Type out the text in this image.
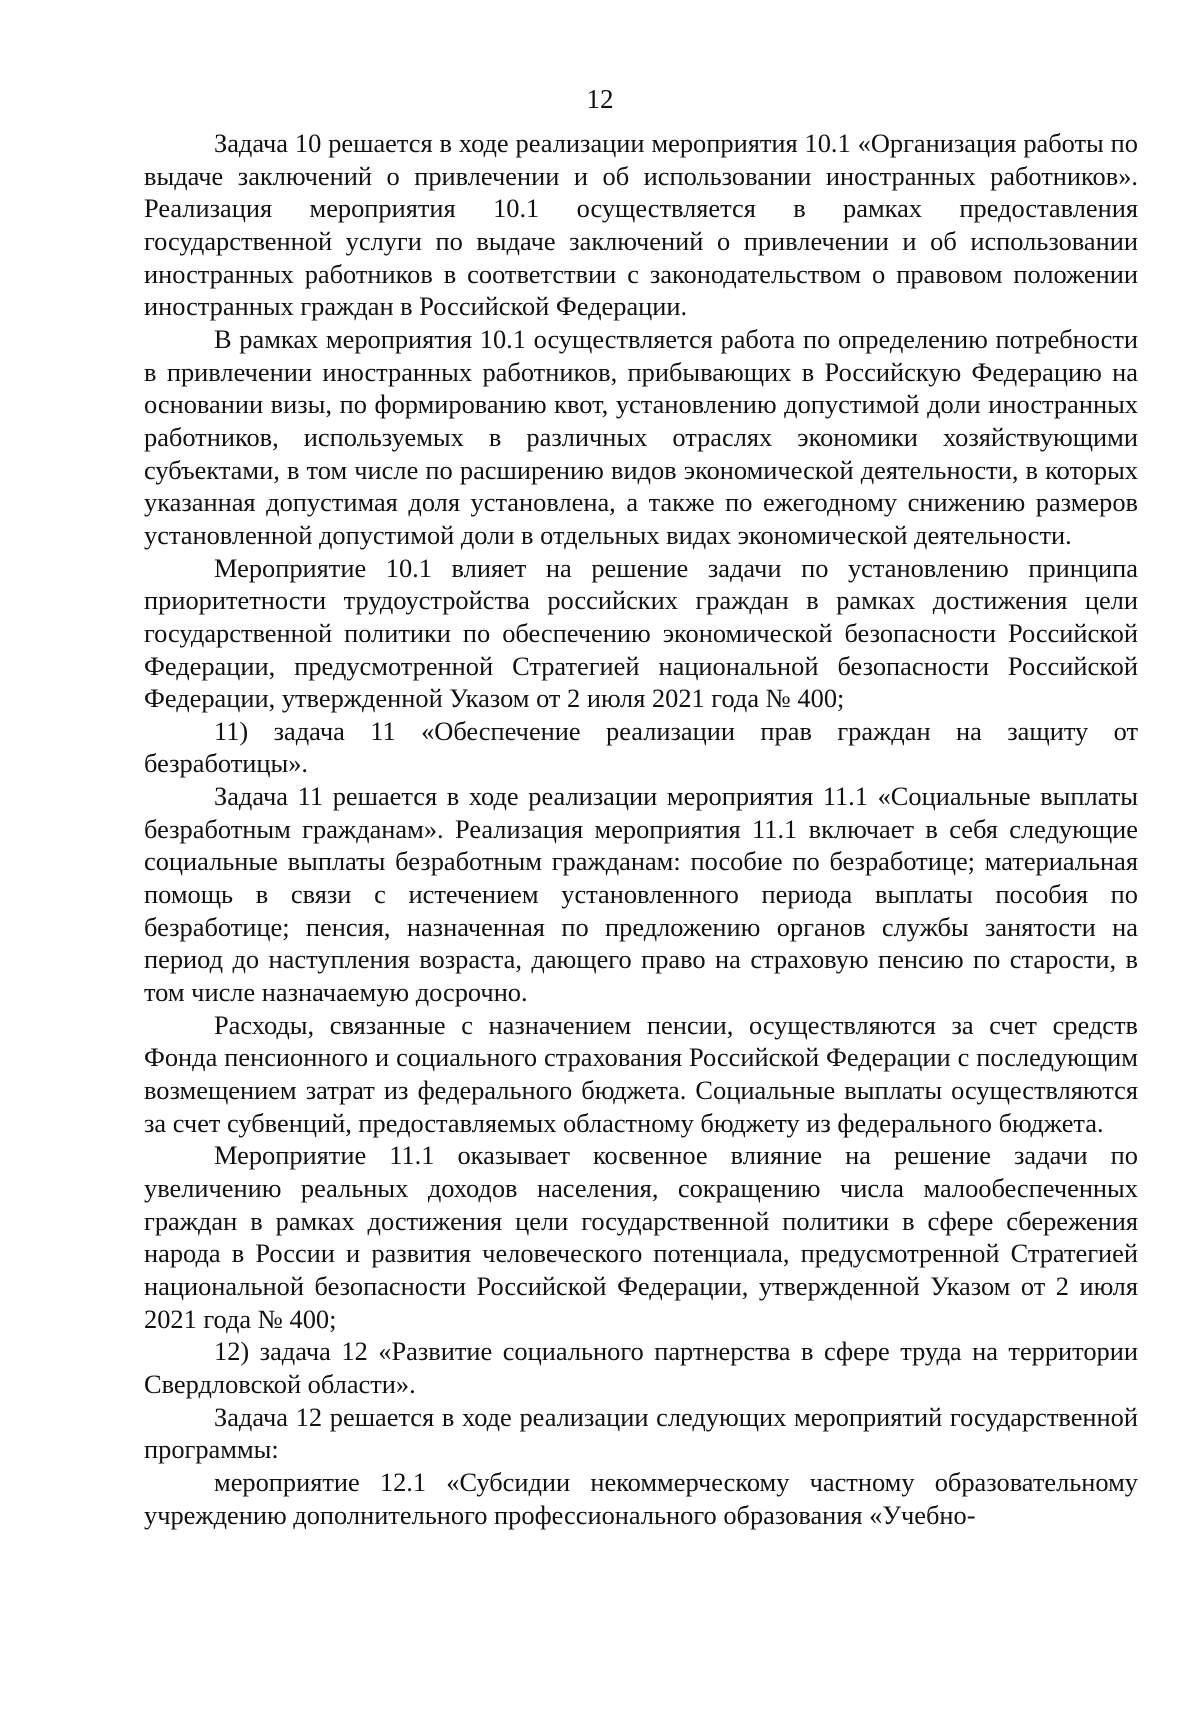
12

Задача 10 решается в ходе реализации мероприятия 10.1 «Организация работы по выдаче заключений о привлечении и об использовании иностранных работников». Реализация мероприятия 10.1 осуществляется в рамках предоставления государственной услуги по выдаче заключений о привлечении и об использовании иностранных работников в соответствии с законодательством о правовом положении иностранных граждан в Российской Федерации.

В рамках мероприятия 10.1 осуществляется работа по определению потребности в привлечении иностранных работников, прибывающих в Российскую Федерацию на основании визы, по формированию квот, установлению допустимой доли иностранных работников, используемых в различных отраслях экономики хозяйствующими субъектами, в том числе по расширению видов экономической деятельности, в которых указанная допустимая доля установлена, а также по ежегодному снижению размеров установленной допустимой доли в отдельных видах экономической деятельности.

Мероприятие 10.1 влияет на решение задачи по установлению принципа приоритетности трудоустройства российских граждан в рамках достижения цели государственной политики по обеспечению экономической безопасности Российской Федерации, предусмотренной Стратегией национальной безопасности Российской Федерации, утвержденной Указом от 2 июля 2021 года № 400;

11) задача 11 «Обеспечение реализации прав граждан на защиту от безработицы».

Задача 11 решается в ходе реализации мероприятия 11.1 «Социальные выплаты безработным гражданам». Реализация мероприятия 11.1 включает в себя следующие социальные выплаты безработным гражданам: пособие по безработице; материальная помощь в связи с истечением установленного периода выплаты пособия по безработице; пенсия, назначенная по предложению органов службы занятости на период до наступления возраста, дающего право на страховую пенсию по старости, в том числе назначаемую досрочно.

Расходы, связанные с назначением пенсии, осуществляются за счет средств Фонда пенсионного и социального страхования Российской Федерации с последующим возмещением затрат из федерального бюджета. Социальные выплаты осуществляются за счет субвенций, предоставляемых областному бюджету из федерального бюджета.

Мероприятие 11.1 оказывает косвенное влияние на решение задачи по увеличению реальных доходов населения, сокращению числа малообеспеченных граждан в рамках достижения цели государственной политики в сфере сбережения народа в России и развития человеческого потенциала, предусмотренной Стратегией национальной безопасности Российской Федерации, утвержденной Указом от 2 июля 2021 года № 400;

12) задача 12 «Развитие социального партнерства в сфере труда на территории Свердловской области».

Задача 12 решается в ходе реализации следующих мероприятий государственной программы:

мероприятие 12.1 «Субсидии некоммерческому частному образовательному учреждению дополнительного профессионального образования «Учебно-
